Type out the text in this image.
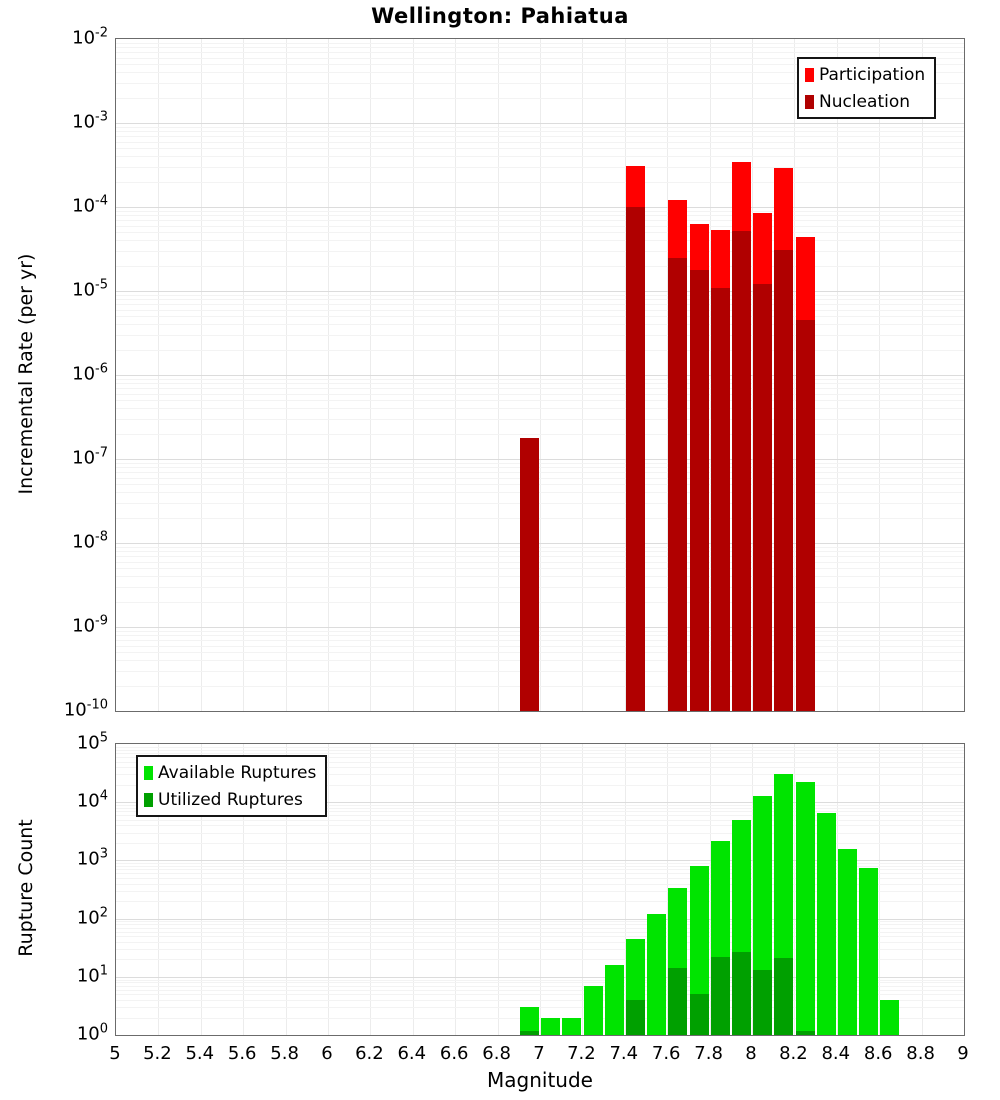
Wellington: Pahiatua
Incremental Rate (per yr)
Rupture Count
Magnitude
Participation
Nucleation
Available Ruptures
Utilized Ruptures
$10^{-2}$
$10^{-3}$
$10^{-4}$
$10^{-5}$
$10^{-6}$
$10^{-7}$
$10^{-8}$
$10^{-9}$
$10^{-10}$
$10^5$
$10^4$
$10^3$
$10^2$
$10^1$
$10^0$
5 5.2 5.4 5.6 5.8 6 6.2 6.4 6.6 6.8 7 7.2 7.4 7.6 7.8 8 8.2 8.4 8.6 8.8 9
